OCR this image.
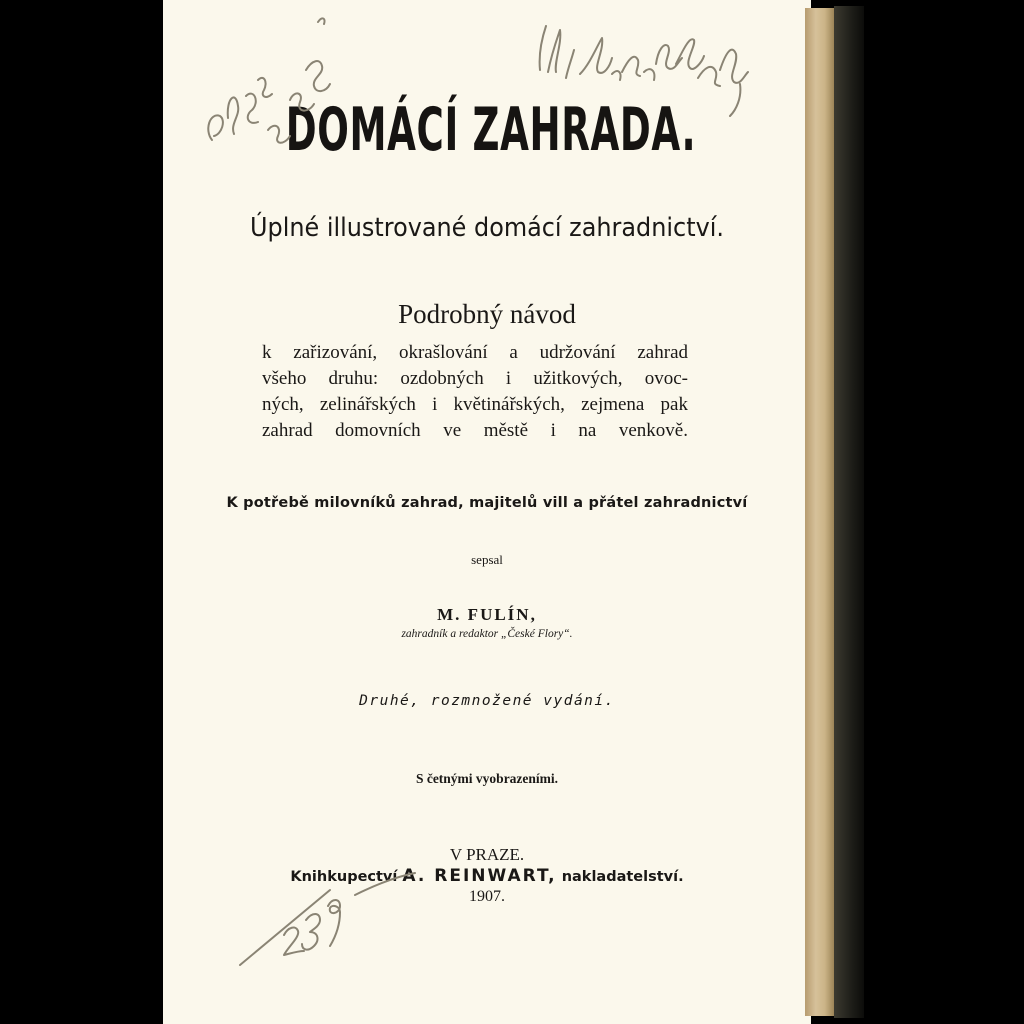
DOMÁCÍ ZAHRADA.
Úplné illustrované domácí zahradnictví.
Podrobný návod
k zařizování, okrašlování a udržování zahrad
všeho druhu: ozdobných i užitkových, ovoc-
ných, zelinářských i květinářských, zejmena pak
zahrad domovních ve městě i na venkově.
K potřebě milovníků zahrad, majitelů vill a přátel zahradnictví
sepsal
M. FULÍN,
zahradník a redaktor „České Flory“.
Druhé, rozmnožené vydání.
S četnými vyobrazeními.
V PRAZE.
Knihkupectví A. REINWART, nakladatelství.
1907.
